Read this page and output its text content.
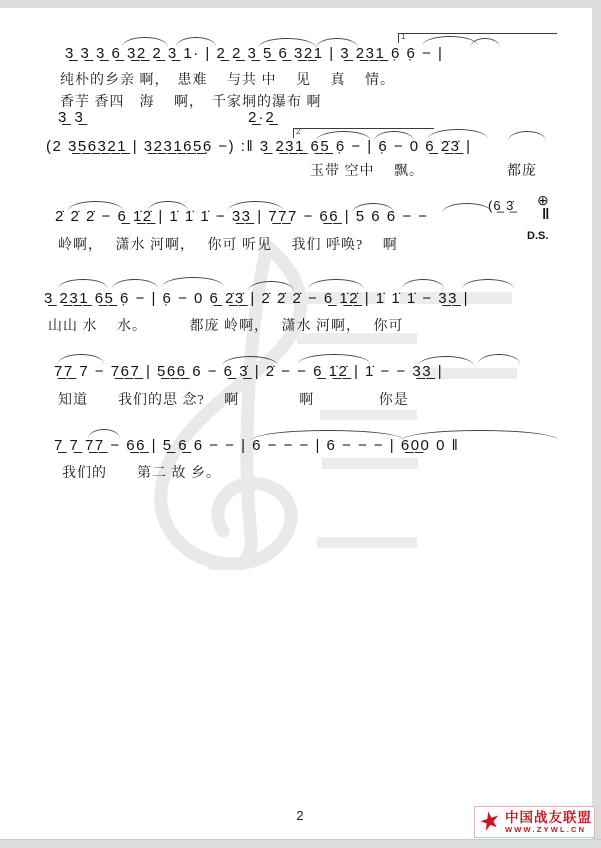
1
2
3̲ 3̲ 3̲ 6̲ 3̲2̲ 2̲ 3̲ 1· | 2̲ 2̲ 3̲ 5̲ 6̲ 3̲2̲1 | 3̲ 2̲3̲1̲ 6̣ 6̣ − |
纯朴的乡亲 啊，　患难　 与共 中　 见　 真　 情。
香芋 香四　海　 啊，　千家垌的瀑布 啊
3̲ 3̲	2̲·2̲
(2 3̲5̲6̲3̲2̲1̲ | 3̲2̲3̲1̲6̲5̲6̣ −) :‖ 3̲ 2̲3̲1̲ 6̲5̲ 6̣ − | 6̣ − 0 6̲ 2̲̇3̲̇ |
玉带 空中　 飘。　　　　　　都庞
2̇ 2̇ 2̇ − 6̲ 1̲̇2̲̇ | 1̇ 1̇ 1̇ − 3̲3̲ | 7̲7̲7 − 6̲6̲ | 5 6 6 − −
(6̲ 3̲̇ ⊕
‖
D.S.
岭啊，　 潇水 河啊，　 你可 听见　 我们 呼唤?　 啊
3̲ 2̲3̲1̲ 6̲5̲ 6̣ − | 6̣ − 0 6̲ 2̲̇3̲̇ | 2̇ 2̇ 2̇ − 6̲ 1̲̇2̲̇ | 1̇ 1̇ 1̇ − 3̲3̲ |
山山 水　 水。　　　 都庞 岭啊，　 潇水 河啊，　 你可
7̲7̲ 7 − 7̲6̲7̲ | 5̲6̲6̲ 6 − 6̲ 3̲̇ | 2̇ − − 6̲ 1̲̇2̲̇ | 1̇ − − 3̲3̲ |
知道　　我们的思 念?　 啊　　　　啊　　　　 你是
7̲ 7̲ 7̲7̲ − 6̲6̲ | 5̲ 6̲ 6 − − | 6 − − − | 6 − − − | 6̲0̲0 0 ‖
我们的　　第二 故 乡。
2	★ 中国战友联盟
WWW.ZYWL.CN
